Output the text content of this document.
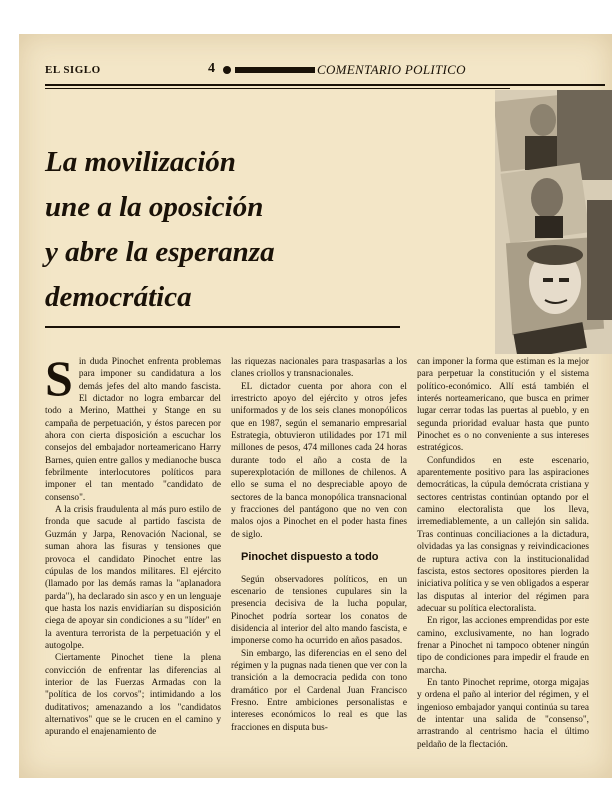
EL SIGLO	4	COMENTARIO POLITICO
La movilización
une a la oposición
y abre la esperanza
democrática

Sin duda Pinochet enfrenta problemas para imponer su candidatura a los demás jefes del alto mando fascista. El dictador no logra embarcar del todo a Merino, Matthei y Stange en su campaña de perpetuación, y éstos parecen por ahora con cierta disposición a escuchar los consejos del embajador norteamericano Harry Barnes, quien entre gallos y medianoche busca febrilmente interlocutores políticos para imponer el tan mentado "candidato de consenso".

A la crisis fraudulenta al más puro estilo de fronda que sacude al partido fascista de Guzmán y Jarpa, Renovación Nacional, se suman ahora las fisuras y tensiones que provoca el candidato Pinochet entre las cúpulas de los mandos militares. El ejército (llamado por las demás ramas la "aplanadora parda"), ha declarado sin asco y en un lenguaje que hasta los nazis envidiarían su disposición ciega de apoyar sin condiciones a su "líder" en la aventura terrorista de la perpetuación y el autogolpe.

Ciertamente Pinochet tiene la plena convicción de enfrentar las diferencias al interior de las Fuerzas Armadas con la "política de los corvos"; intimidando a los duditativos; amenazando a los "candidatos alternativos" que se le crucen en el camino y apurando el enajenamiento de

las riquezas nacionales para traspasarlas a los clanes criollos y transnacionales.

EL dictador cuenta por ahora con el irrestricto apoyo del ejército y otros jefes uniformados y de los seis clanes monopólicos que en 1987, según el semanario empresarial Estrategia, obtuvieron utilidades por 171 mil millones de pesos, 474 millones cada 24 horas durante todo el año a costa de la superexplotación de millones de chilenos. A ello se suma el no despreciable apoyo de sectores de la banca monopólica transnacional y fracciones del pantágono que no ven con malos ojos a Pinochet en el poder hasta fines de siglo.

Pinochet dispuesto a todo

Según observadores políticos, en un escenario de tensiones cupulares sin la presencia decisiva de la lucha popular, Pinochet podría sortear los conatos de disidencia al interior del alto mando fascista, e imponerse como ha ocurrido en años pasados.

Sin embargo, las diferencias en el seno del régimen y la pugnas nada tienen que ver con la transición a la democracia pedida con tono dramático por el Cardenal Juan Francisco Fresno. Entre ambiciones personalistas e intereses económicos lo real es que las fracciones en disputa bus-

can imponer la forma que estiman es la mejor para perpetuar la constitución y el sistema político-económico. Allí está también el interés norteamericano, que busca en primer lugar cerrar todas las puertas al pueblo, y en segunda prioridad evaluar hasta que punto Pinochet es o no conveniente a sus intereses estratégicos.

Confundidos en este escenario, aparentemente positivo para las aspiraciones democráticas, la cúpula demócrata cristiana y sectores centristas continúan optando por el camino electoralista que los lleva, irremediablemente, a un callejón sin salida. Tras continuas conciliaciones a la dictadura, olvidadas ya las consignas y reivindicaciones de ruptura activa con la institucionalidad fascista, estos sectores opositores pierden la iniciativa política y se ven obligados a esperar las disputas al interior del régimen para adecuar su política electoralista.

En rigor, las acciones emprendidas por este camino, exclusivamente, no han logrado frenar a Pinochet ni tampoco obtener ningún tipo de condiciones para impedir el fraude en marcha.

En tanto Pinochet reprime, otorga migajas y ordena el paño al interior del régimen, y el ingenioso embajador yanqui continúa su tarea de intentar una salida de "consenso", arrastrando al centrismo hacia el último peldaño de la flectación.
